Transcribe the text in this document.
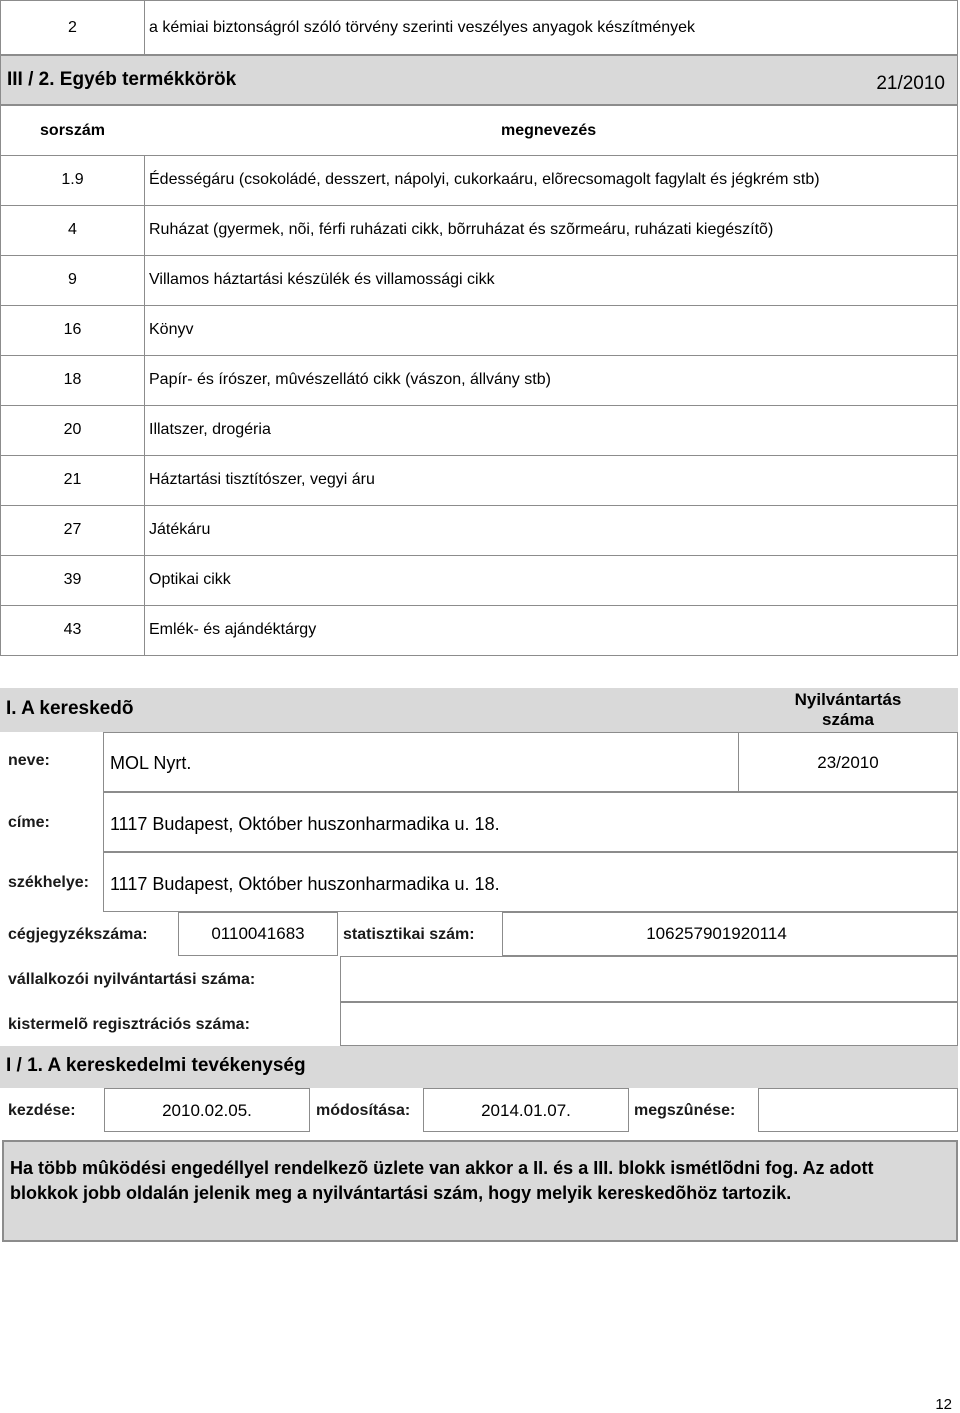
2	a kémiai biztonságról szóló törvény szerinti veszélyes anyagok készítmények
III / 2. Egyéb termékkörök	21/2010
sorszám	megnevezés
1.9	Édességáru (csokoládé, desszert, nápolyi, cukorkaáru, elõrecsomagolt fagylalt és jégkrém stb)
4	Ruházat (gyermek, nõi, férfi ruházati cikk, bõrruházat és szõrmeáru, ruházati kiegészítõ)
9	Villamos háztartási készülék és villamossági cikk
16	Könyv
18	Papír- és írószer, mûvészellátó cikk (vászon, állvány stb)
20	Illatszer, drogéria
21	Háztartási tisztítószer, vegyi áru
27	Játékáru
39	Optikai cikk
43	Emlék- és ajándéktárgy
I. A kereskedõ	Nyilvántartás
száma
neve:	MOL Nyrt.	23/2010
címe:	1117 Budapest, Október huszonharmadika u. 18.
székhelye: 1117 Budapest, Október huszonharmadika u. 18.
cégjegyzékszáma:	0110041683	statisztikai szám:	106257901920114
vállalkozói nyilvántartási száma:
kistermelõ regisztrációs száma:
I / 1. A kereskedelmi tevékenység
kezdése:	2010.02.05.	módosítása:	2014.01.07.	megszûnése:
Ha több mûködési engedéllyel rendelkezõ üzlete van akkor a II. és a III. blokk ismétlõdni fog. Az adott blokkok jobb oldalán jelenik meg a nyilvántartási szám, hogy melyik kereskedõhöz tartozik.
12
